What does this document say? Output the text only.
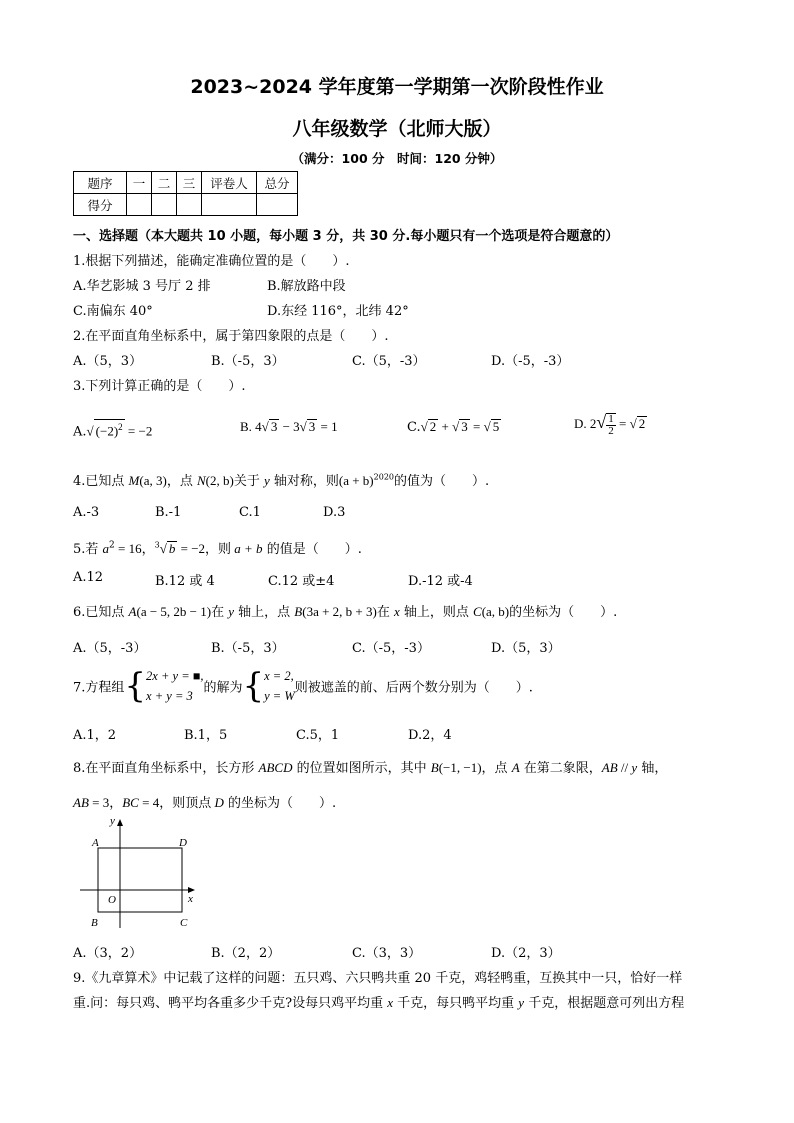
2023~2024 学年度第一学期第一次阶段性作业
八年级数学（北师大版）
（满分：100 分　时间：120 分钟）
题序	一	二	三	评卷人	总分
得分					
一、选择题（本大题共 10 小题，每小题 3 分，共 30 分.每小题只有一个选项是符合题意的）
1.根据下列描述，能确定准确位置的是（　　）.
A.华艺影城 3 号厅 2 排	B.解放路中段
C.南偏东 40°	D.东经 116°，北纬 42°
2.在平面直角坐标系中，属于第四象限的点是（　　）.
A.（5，3）	B.（-5，3）	C.（5，-3）	D.（-5，-3）
3.下列计算正确的是（　　）.
A.√ $(-2)^2 = -2$	B. 4√ 3 − 3√ 3 = 1	C.√ 2 + √ 3 = √ 5	D. $2√ \frac{1}{2}$ = √ 2
4.已知点 M(a, 3)，点 N(2, b)关于 y 轴对称，则$(a + b)^{2020}$的值为（　　）.
A.-3	B.-1	C.1	D.3
5.若 $a^2 = 16$，$^3$√ b = −2，则 a + b 的值是（　　）.
A.12	B.12 或 4	C.12 或±4	D.-12 或-4
6.已知点 A(a − 5, 2b − 1)在 y 轴上，点 B(3a + 2, b + 3)在 x 轴上，则点 C(a, b)的坐标为（　　）.
A.（5，-3）	B.（-5，3）	C.（-5，-3）	D.（5，3）
7.方程组{ 2x + y = ■,
x + y = 3
的解为{ x = 2,
y = W
则被遮盖的前、后两个数分别为（　　）.
A.1，2	B.1，5	C.5，1	D.2，4
8.在平面直角坐标系中，长方形 ABCD 的位置如图所示，其中 B(−1, −1)，点 A 在第二象限，AB // y 轴，
AB = 3，BC = 4，则顶点 D 的坐标为（　　）.
y
x
A	D
O
B	C
A.（3，2）	B.（2，2）	C.（3，3）	D.（2，3）
9.《九章算术》中记载了这样的问题：五只鸡、六只鸭共重 20 千克，鸡轻鸭重，互换其中一只，恰好一样
重.问：每只鸡、鸭平均各重多少千克?设每只鸡平均重 x 千克，每只鸭平均重 y 千克，根据题意可列出方程
